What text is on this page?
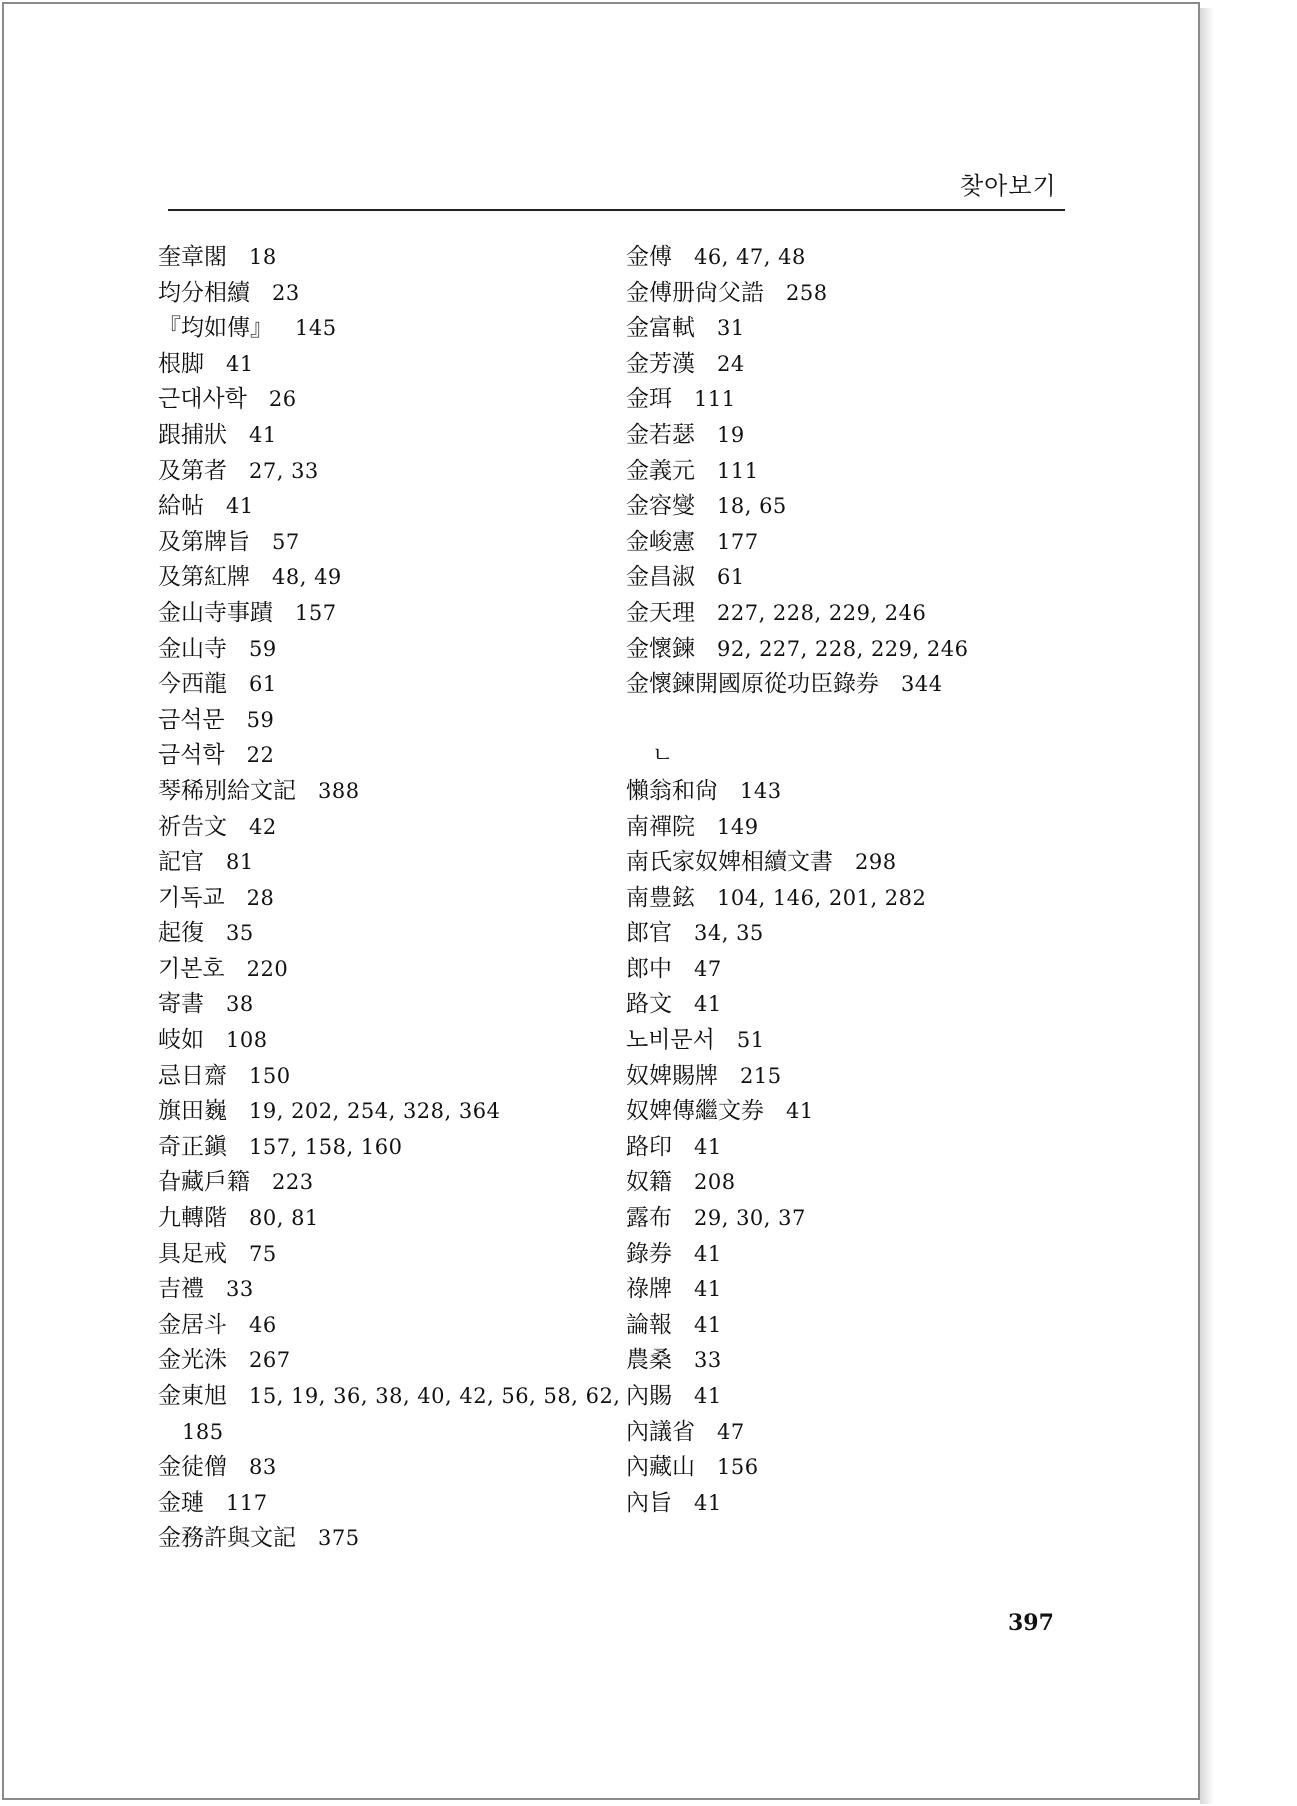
찾아보기
奎章閣 18
均分相續 23
『均如傳』 145
根脚 41
근대사학 26
跟捕狀 41
及第者 27, 33
給帖 41
及第牌旨 57
及第紅牌 48, 49
金山寺事蹟 157
金山寺 59
今西龍 61
금석문 59
금석학 22
琴稀別給文記 388
祈告文 42
記官 81
기독교 28
起復 35
기본호 220
寄書 38
岐如 108
忌日齋 150
旗田巍 19, 202, 254, 328, 364
奇正鎭 157, 158, 160
旮藏戶籍 223
九轉階 80, 81
具足戒 75
吉禮 33
金居斗 46
金光洙 267
金東旭 15, 19, 36, 38, 40, 42, 56, 58, 62,
185
金徒僧 83
金璉 117
金務許與文記 375
金傅 46, 47, 48
金傅册尙父誥 258
金富軾 31
金芳漢 24
金珥 111
金若瑟 19
金義元 111
金容燮 18, 65
金峻憲 177
金昌淑 61
金天理 227, 228, 229, 246
金懷鍊 92, 227, 228, 229, 246
金懷鍊開國原從功臣錄券 344
ㄴ
懶翁和尙 143
南禪院 149
南氏家奴婢相續文書 298
南豊鉉 104, 146, 201, 282
郎官 34, 35
郎中 47
路文 41
노비문서 51
奴婢賜牌 215
奴婢傳繼文券 41
路印 41
奴籍 208
露布 29, 30, 37
錄券 41
祿牌 41
論報 41
農桑 33
內賜 41
內議省 47
內藏山 156
內旨 41
397
